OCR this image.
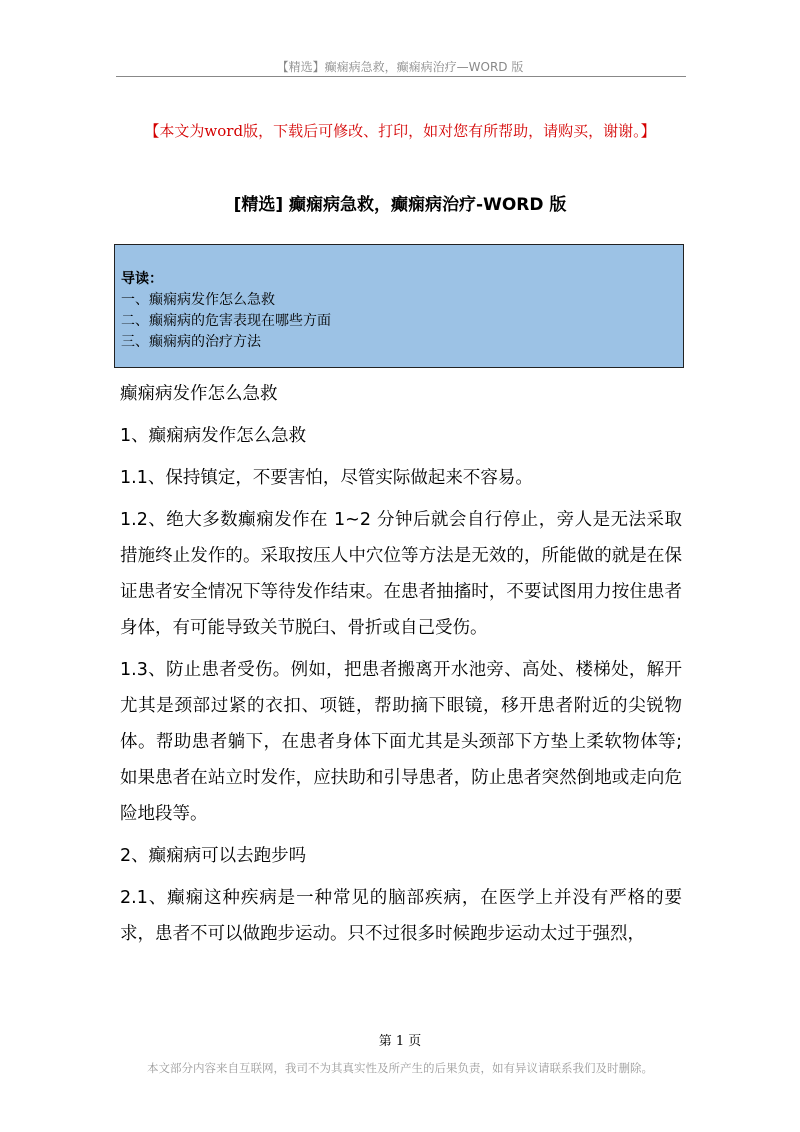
【精选】癫痫病急救，癫痫病治疗—WORD 版
【本文为word版，下载后可修改、打印，如对您有所帮助，请购买，谢谢。】
[精选] 癫痫病急救，癫痫病治疗-WORD 版
导读：
一、癫痫病发作怎么急救
二、癫痫病的危害表现在哪些方面
三、癫痫病的治疗方法

癫痫病发作怎么急救

1、癫痫病发作怎么急救

1.1、保持镇定，不要害怕，尽管实际做起来不容易。

1.2、绝大多数癫痫发作在 1~2 分钟后就会自行停止，旁人是无法采取措施终止发作的。采取按压人中穴位等方法是无效的，所能做的就是在保证患者安全情况下等待发作结束。在患者抽搐时，不要试图用力按住患者身体，有可能导致关节脱臼、骨折或自己受伤。

1.3、防止患者受伤。例如，把患者搬离开水池旁、高处、楼梯处，解开尤其是颈部过紧的衣扣、项链，帮助摘下眼镜，移开患者附近的尖锐物体。帮助患者躺下，在患者身体下面尤其是头颈部下方垫上柔软物体等;如果患者在站立时发作，应扶助和引导患者，防止患者突然倒地或走向危险地段等。

2、癫痫病可以去跑步吗

2.1、癫痫这种疾病是一种常见的脑部疾病，在医学上并没有严格的要求，患者不可以做跑步运动。只不过很多时候跑步运动太过于强烈，

第 1 页
本文部分内容来自互联网，我司不为其真实性及所产生的后果负责，如有异议请联系我们及时删除。
